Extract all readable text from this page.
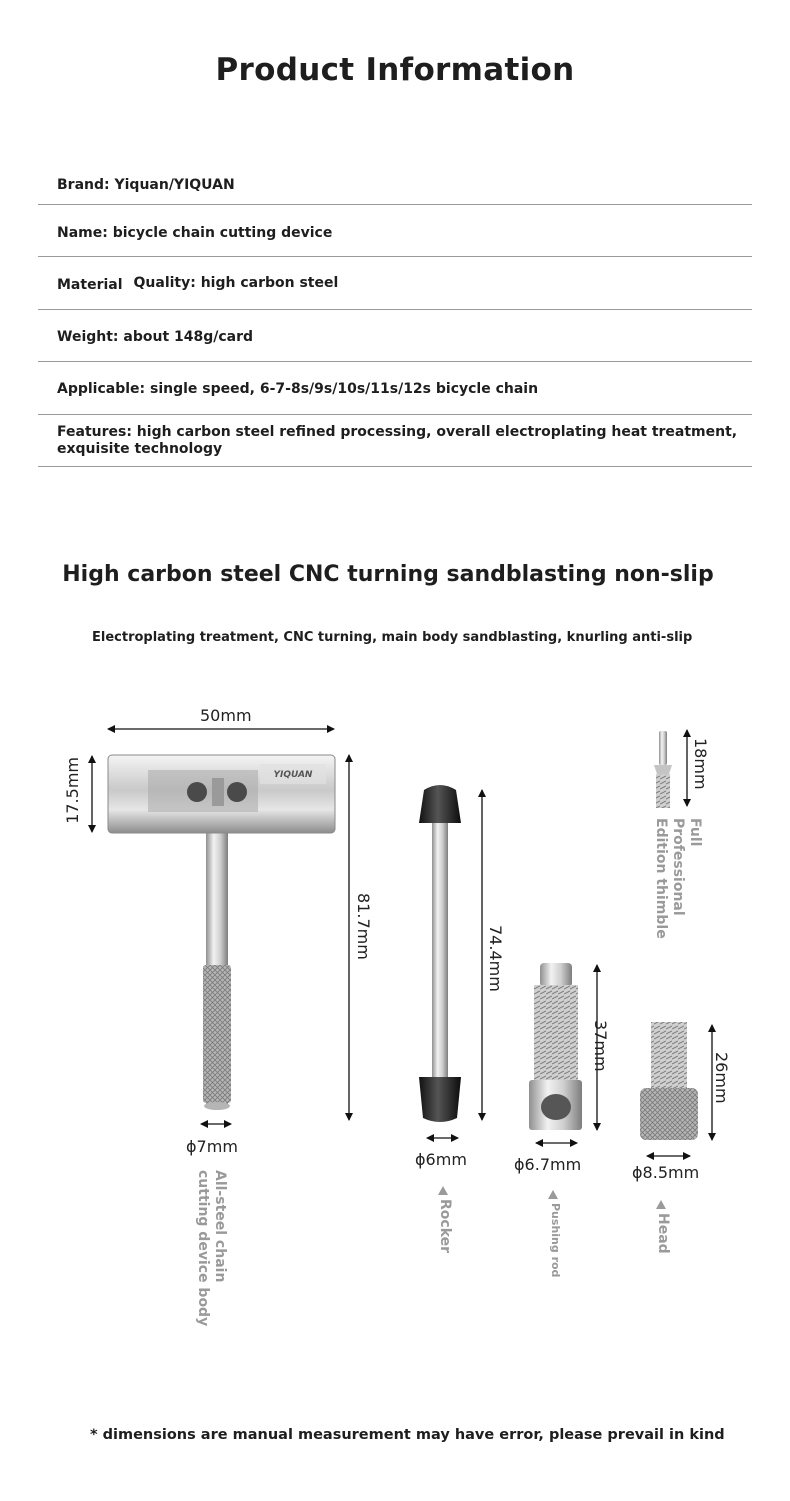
Product Information
Brand: Yiquan/YIQUAN
Name: bicycle chain cutting device
Material Quality: high carbon steel
Weight: about 148g/card
Applicable: single speed, 6-7-8s/9s/10s/11s/12s bicycle chain
Features: high carbon steel refined processing, overall electroplating heat treatment,
exquisite technology
High carbon steel CNC turning sandblasting non-slip
Electroplating treatment, CNC turning, main body sandblasting, knurling anti-slip
YIQUAN
50mm
17.5mm
81.7mm
ϕ7mm
74.4mm
ϕ6mm
37mm
ϕ6.7mm
26mm
ϕ8.5mm
18mm
All-steel chain cutting device body	Rocker	Pushing rod	Head
Full Professional Edition thimble
* dimensions are manual measurement may have error, please prevail in kind
